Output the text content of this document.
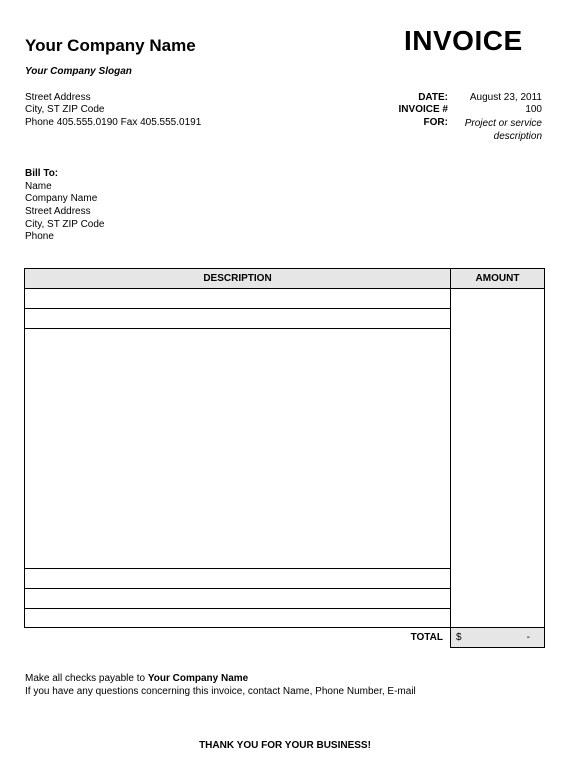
Your Company Name
Your Company Slogan
Street Address
City, ST ZIP Code
Phone 405.555.0190 Fax 405.555.0191
INVOICE
DATE:	August 23, 2011
INVOICE #	100
FOR:	Project or service description
Bill To:
Name
Company Name
Street Address
City, ST ZIP Code
Phone
DESCRIPTION	AMOUNT
TOTAL $	-
Make all checks payable to Your Company Name
If you have any questions concerning this invoice, contact Name, Phone Number, E-mail
THANK YOU FOR YOUR BUSINESS!
